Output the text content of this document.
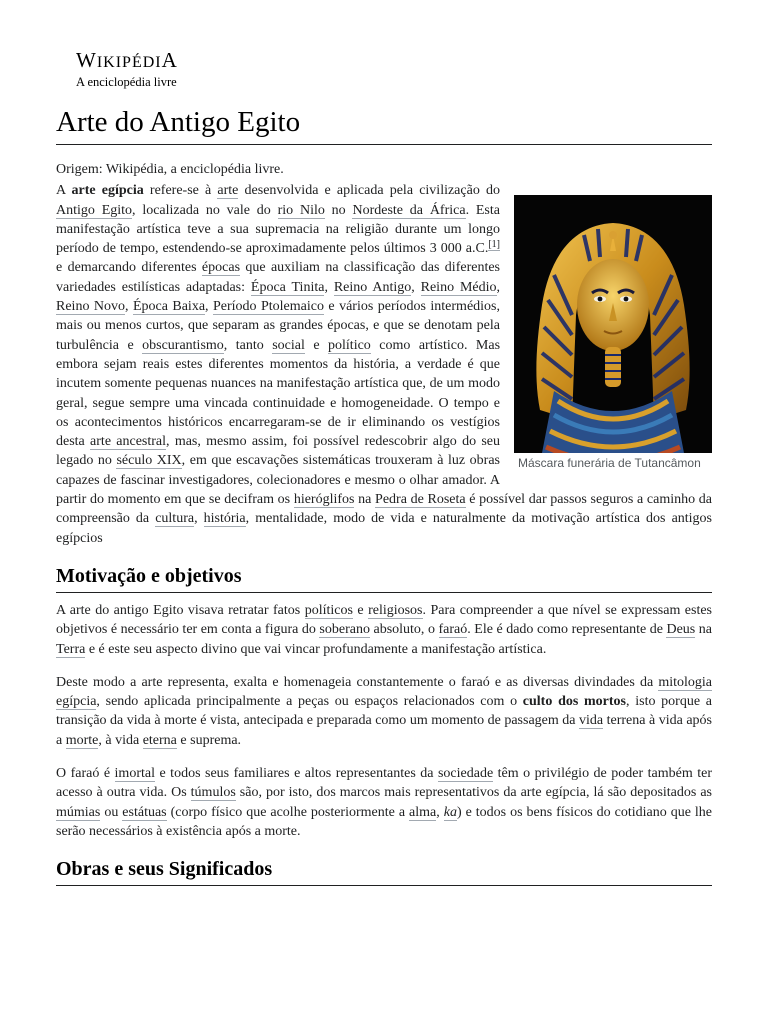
WIKIPÉDIA
A enciclopédia livre
Arte do Antigo Egito

Origem: Wikipédia, a enciclopédia livre.

Máscara funerária de Tutancâmon

A arte egípcia refere-se à arte desenvolvida e aplicada pela civilização do Antigo Egito, localizada no vale do rio Nilo no Nordeste da África. Esta manifestação artística teve a sua supremacia na religião durante um longo período de tempo, estendendo-se aproximadamente pelos últimos 3 000 a.C.[1] e demarcando diferentes épocas que auxiliam na classificação das diferentes variedades estilísticas adaptadas: Época Tinita, Reino Antigo, Reino Médio, Reino Novo, Época Baixa, Período Ptolemaico e vários períodos intermédios, mais ou menos curtos, que separam as grandes épocas, e que se denotam pela turbulência e obscurantismo, tanto social e político como artístico. Mas embora sejam reais estes diferentes momentos da história, a verdade é que incutem somente pequenas nuances na manifestação artística que, de um modo geral, segue sempre uma vincada continuidade e homogeneidade. O tempo e os acontecimentos históricos encarregaram-se de ir eliminando os vestígios desta arte ancestral, mas, mesmo assim, foi possível redescobrir algo do seu legado no século XIX, em que escavações sistemáticas trouxeram à luz obras capazes de fascinar investigadores, colecionadores e mesmo o olhar amador. A partir do momento em que se decifram os hieróglifos na Pedra de Roseta é possível dar passos seguros a caminho da compreensão da cultura, história, mentalidade, modo de vida e naturalmente da motivação artística dos antigos egípcios

Motivação e objetivos

A arte do antigo Egito visava retratar fatos políticos e religiosos. Para compreender a que nível se expressam estes objetivos é necessário ter em conta a figura do soberano absoluto, o faraó. Ele é dado como representante de Deus na Terra e é este seu aspecto divino que vai vincar profundamente a manifestação artística.

Deste modo a arte representa, exalta e homenageia constantemente o faraó e as diversas divindades da mitologia egípcia, sendo aplicada principalmente a peças ou espaços relacionados com o culto dos mortos, isto porque a transição da vida à morte é vista, antecipada e preparada como um momento de passagem da vida terrena à vida após a morte, à vida eterna e suprema.

O faraó é imortal e todos seus familiares e altos representantes da sociedade têm o privilégio de poder também ter acesso à outra vida. Os túmulos são, por isto, dos marcos mais representativos da arte egípcia, lá são depositados as múmias ou estátuas (corpo físico que acolhe posteriormente a alma, ka) e todos os bens físicos do cotidiano que lhe serão necessários à existência após a morte.

Obras e seus Significados
